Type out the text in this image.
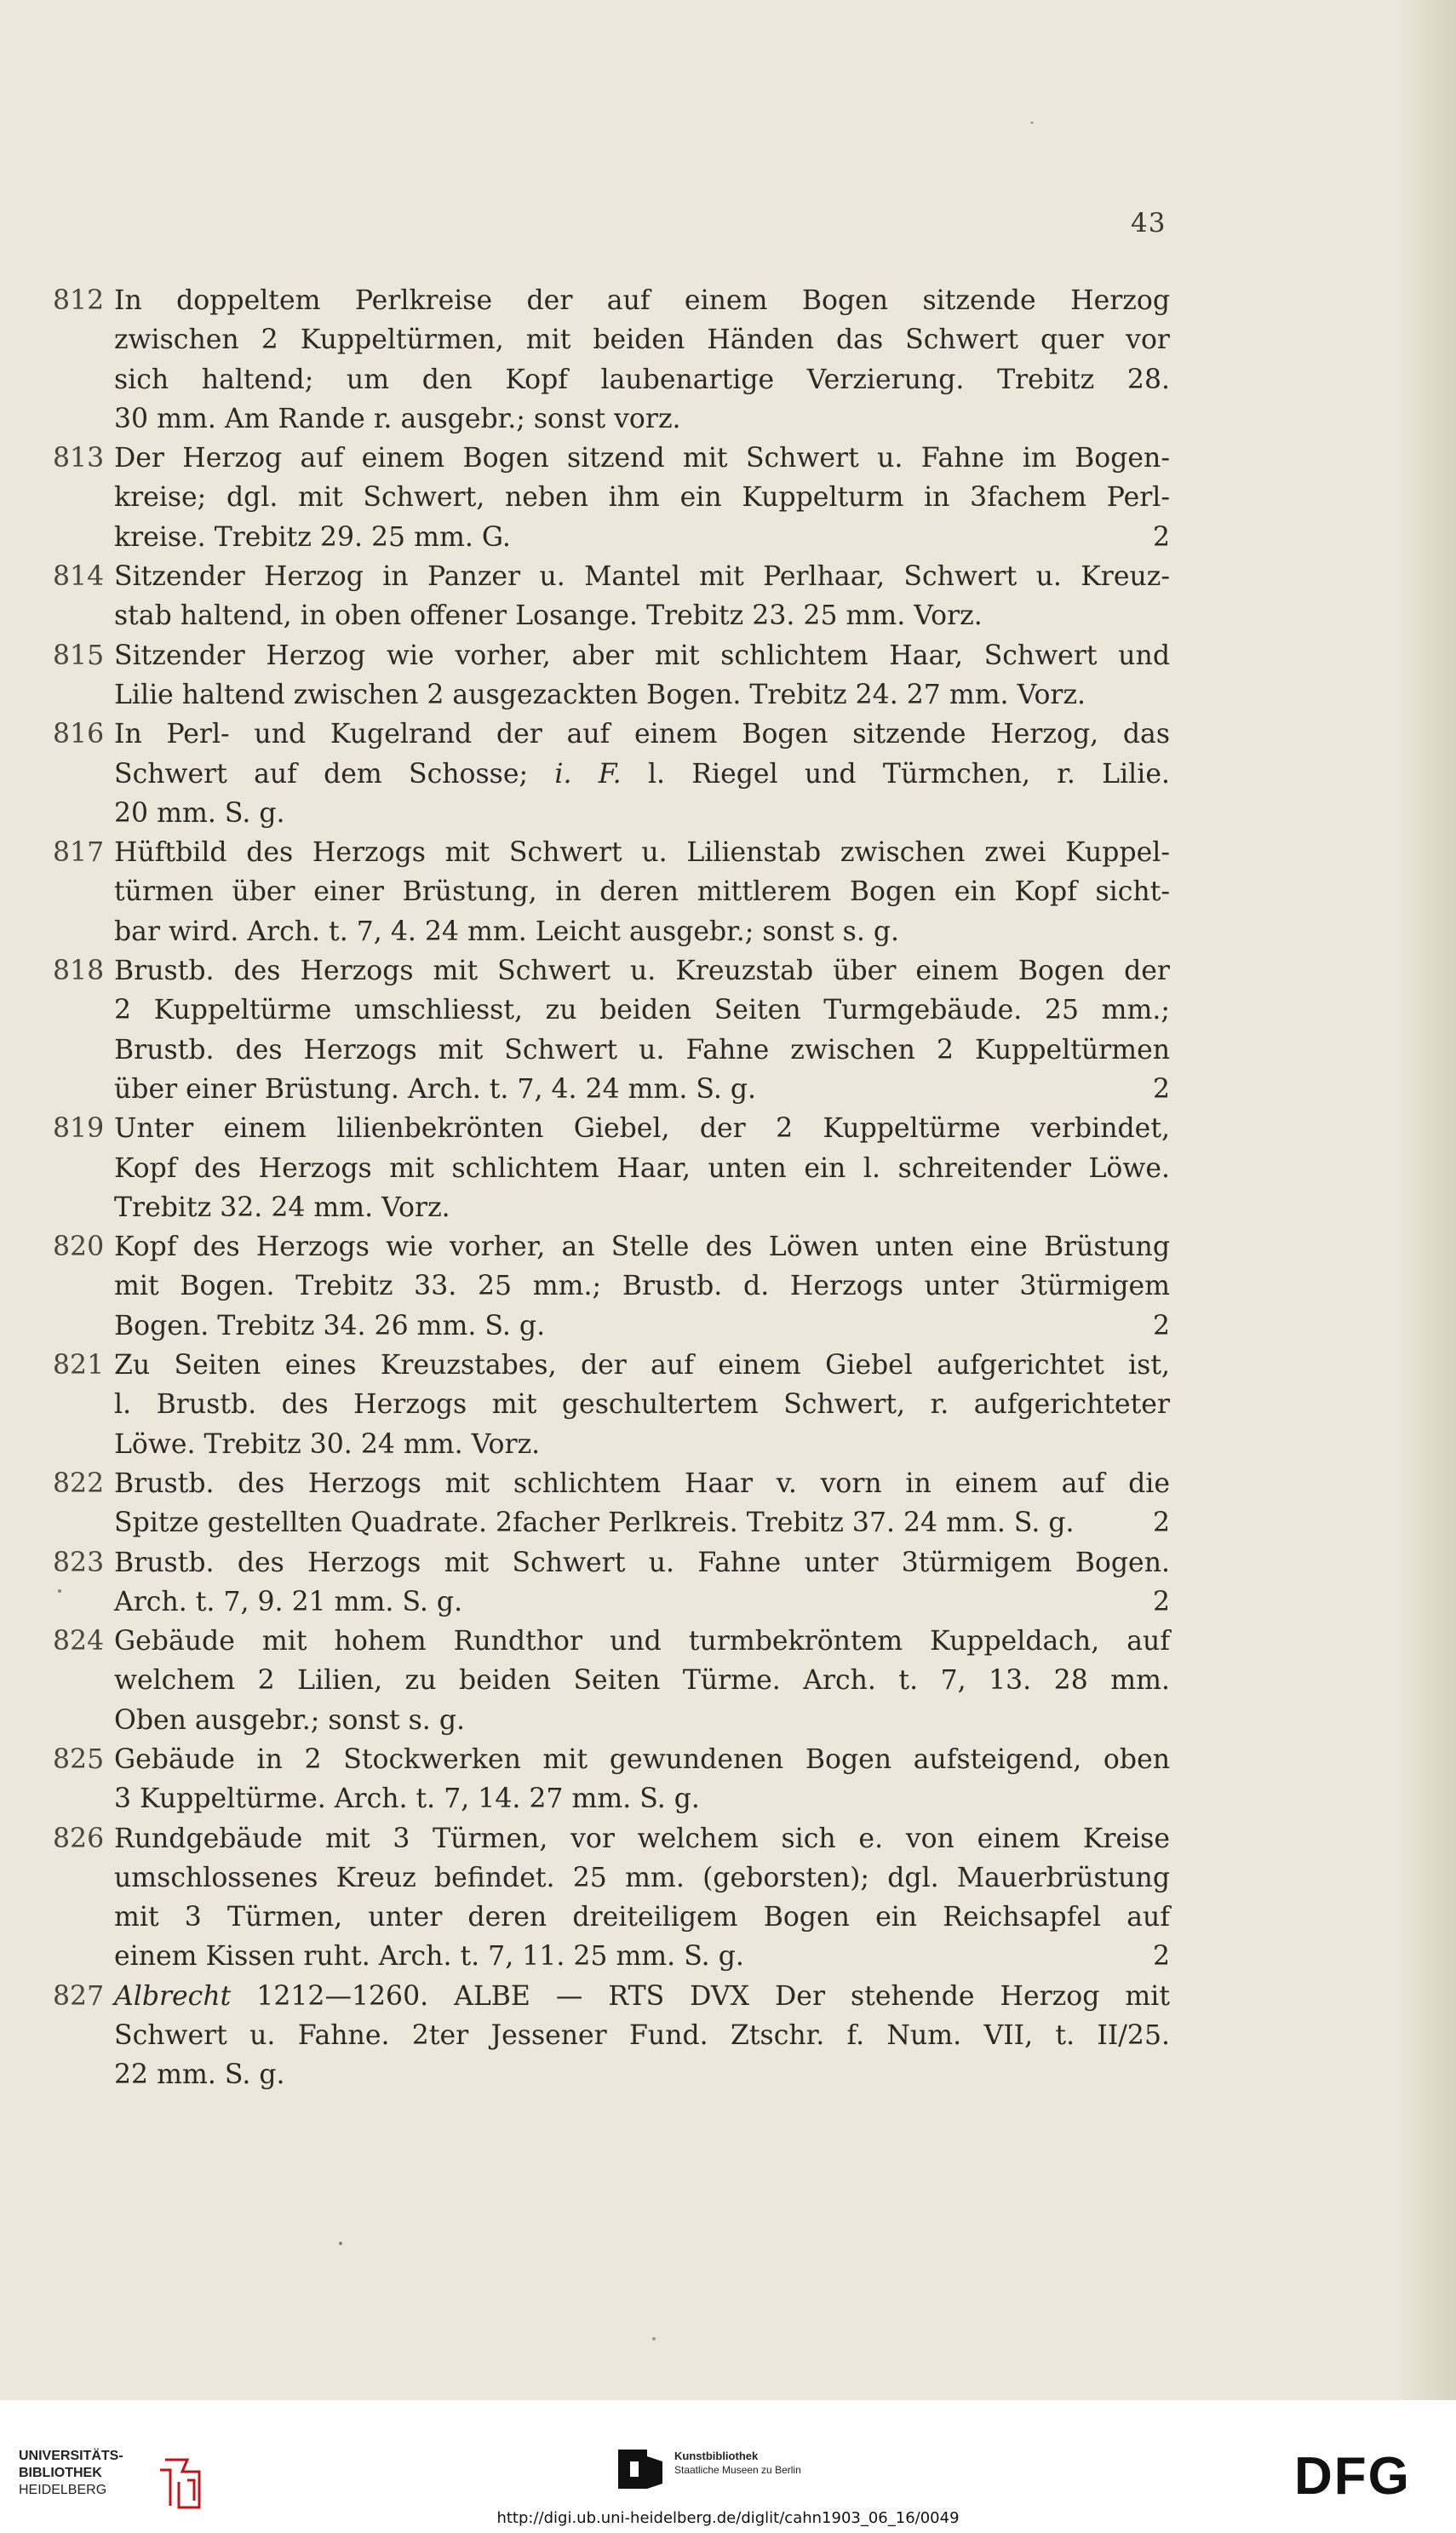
43
812 In doppeltem Perlkreise der auf einem Bogen sitzende Herzog
zwischen 2 Kuppeltürmen, mit beiden Händen das Schwert quer vor
sich haltend; um den Kopf laubenartige Verzierung. Trebitz 28.
30 mm. Am Rande r. ausgebr.; sonst vorz.
813 Der Herzog auf einem Bogen sitzend mit Schwert u. Fahne im Bogen-
kreise; dgl. mit Schwert, neben ihm ein Kuppelturm in 3fachem Perl-
kreise. Trebitz 29. 25 mm. G.	2
814 Sitzender Herzog in Panzer u. Mantel mit Perlhaar, Schwert u. Kreuz-
stab haltend, in oben offener Losange. Trebitz 23. 25 mm. Vorz.
815 Sitzender Herzog wie vorher, aber mit schlichtem Haar, Schwert und
Lilie haltend zwischen 2 ausgezackten Bogen. Trebitz 24. 27 mm. Vorz.
816 In Perl- und Kugelrand der auf einem Bogen sitzende Herzog, das
Schwert auf dem Schosse; i. F. l. Riegel und Türmchen, r. Lilie.
20 mm. S. g.
817 Hüftbild des Herzogs mit Schwert u. Lilienstab zwischen zwei Kuppel-
türmen über einer Brüstung, in deren mittlerem Bogen ein Kopf sicht-
bar wird. Arch. t. 7, 4. 24 mm. Leicht ausgebr.; sonst s. g.
818 Brustb. des Herzogs mit Schwert u. Kreuzstab über einem Bogen der
2 Kuppeltürme umschliesst, zu beiden Seiten Turmgebäude. 25 mm.;
Brustb. des Herzogs mit Schwert u. Fahne zwischen 2 Kuppeltürmen
über einer Brüstung. Arch. t. 7, 4. 24 mm. S. g.	2
819 Unter einem lilienbekrönten Giebel, der 2 Kuppeltürme verbindet,
Kopf des Herzogs mit schlichtem Haar, unten ein l. schreitender Löwe.
Trebitz 32. 24 mm. Vorz.
820 Kopf des Herzogs wie vorher, an Stelle des Löwen unten eine Brüstung
mit Bogen. Trebitz 33. 25 mm.; Brustb. d. Herzogs unter 3türmigem
Bogen. Trebitz 34. 26 mm. S. g.	2
821 Zu Seiten eines Kreuzstabes, der auf einem Giebel aufgerichtet ist,
l. Brustb. des Herzogs mit geschultertem Schwert, r. aufgerichteter
Löwe. Trebitz 30. 24 mm. Vorz.
822 Brustb. des Herzogs mit schlichtem Haar v. vorn in einem auf die
Spitze gestellten Quadrate. 2facher Perlkreis. Trebitz 37. 24 mm. S. g.	2
823 Brustb. des Herzogs mit Schwert u. Fahne unter 3türmigem Bogen.
Arch. t. 7, 9. 21 mm. S. g.	2
824 Gebäude mit hohem Rundthor und turmbekröntem Kuppeldach, auf
welchem 2 Lilien, zu beiden Seiten Türme. Arch. t. 7, 13. 28 mm.
Oben ausgebr.; sonst s. g.
825 Gebäude in 2 Stockwerken mit gewundenen Bogen aufsteigend, oben
3 Kuppeltürme. Arch. t. 7, 14. 27 mm. S. g.
826 Rundgebäude mit 3 Türmen, vor welchem sich e. von einem Kreise
umschlossenes Kreuz befindet. 25 mm. (geborsten); dgl. Mauerbrüstung
mit 3 Türmen, unter deren dreiteiligem Bogen ein Reichsapfel auf
einem Kissen ruht. Arch. t. 7, 11. 25 mm. S. g.	2
827 Albrecht 1212—1260. ALBE — RTS DVX Der stehende Herzog mit
Schwert u. Fahne. 2ter Jessener Fund. Ztschr. f. Num. VII, t. II/25.
22 mm. S. g.
UNIVERSITÄTS-
BIBLIOTHEK
HEIDELBERG
Kunstbibliothek
Staatliche Museen zu Berlin	DFG
http://digi.ub.uni-heidelberg.de/diglit/cahn1903_06_16/0049
